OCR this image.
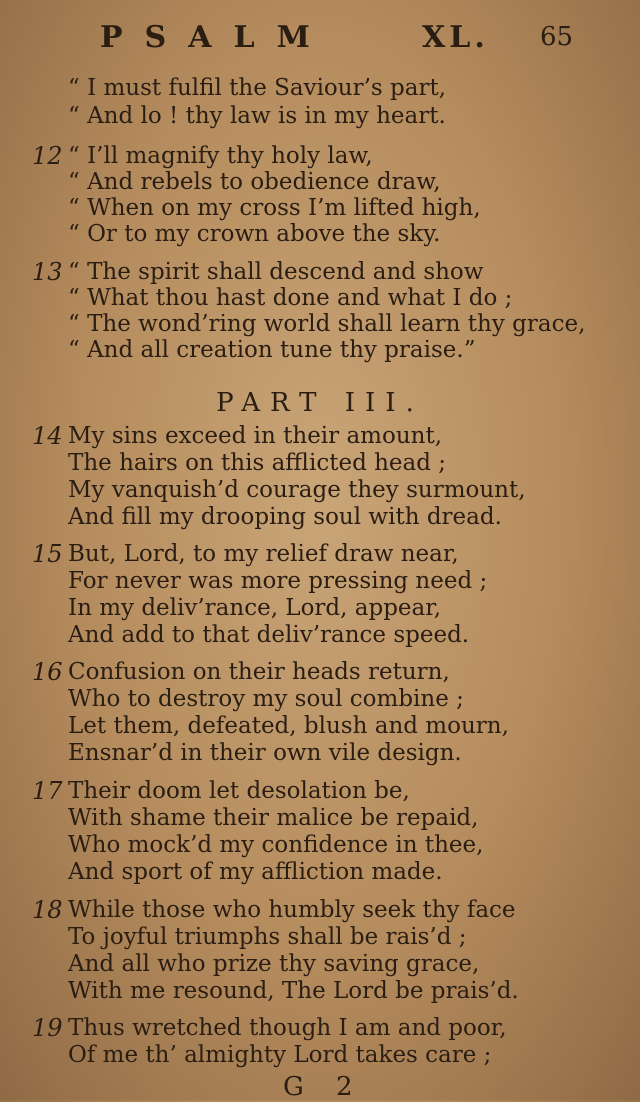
PSALM	XL. 65
“ I must fulfil the Saviour’s part,
“ And lo ! thy law is in my heart.
12 “ I’ll magnify thy holy law,
“ And rebels to obedience draw,
“ When on my cross I’m lifted high,
“ Or to my crown above the sky.
13 “ The spirit shall descend and show
“ What thou hast done and what I do ;
“ The wond’ring world shall learn thy grace,
“ And all creation tune thy praise.”
PART III.
14 My sins exceed in their amount,
The hairs on this afflicted head ;
My vanquish’d courage they surmount,
And fill my drooping soul with dread.
15 But, Lord, to my relief draw near,
For never was more pressing need ;
In my deliv’rance, Lord, appear,
And add to that deliv’rance speed.
16 Confusion on their heads return,
Who to destroy my soul combine ;
Let them, defeated, blush and mourn,
Ensnar’d in their own vile design.
17 Their doom let desolation be,
With shame their malice be repaid,
Who mock’d my confidence in thee,
And sport of my affliction made.
18 While those who humbly seek thy face
To joyful triumphs shall be rais’d ;
And all who prize thy saving grace,
With me resound, The Lord be prais’d.
19 Thus wretched though I am and poor,
Of me th’ almighty Lord takes care ;
G 2
